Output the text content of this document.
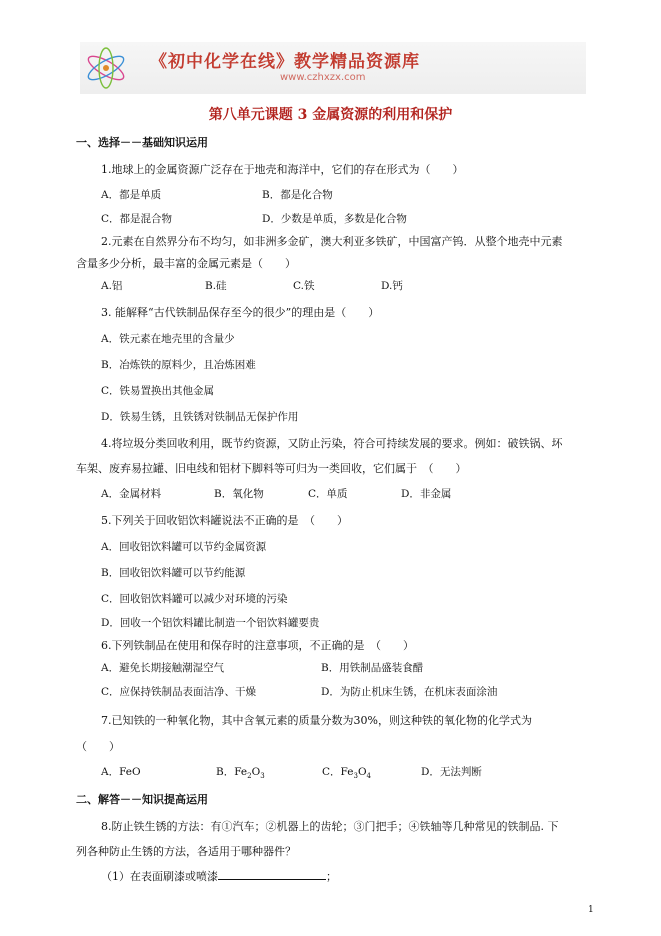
《初中化学在线》教学精品资源库
www.czhxzx.com
第八单元课题 3 金属资源的利用和保护
一、选择－－基础知识运用
1.地球上的金属资源广泛存在于地壳和海洋中，它们的存在形式为（　　）
A．都是单质	B．都是化合物
C．都是混合物	D．少数是单质，多数是化合物
2.元素在自然界分布不均匀，如非洲多金矿，澳大利亚多铁矿，中国富产钨．从整个地壳中元素
含量多少分析，最丰富的金属元素是（　　）
A.铝	B.硅	C.铁	D.钙
3. 能解释“古代铁制品保存至今的很少”的理由是（　　）
A．铁元素在地壳里的含量少
B．冶炼铁的原料少，且冶炼困难
C．铁易置换出其他金属
D．铁易生锈，且铁锈对铁制品无保护作用
4.将垃圾分类回收利用，既节约资源，又防止污染，符合可持续发展的要求。例如：破铁锅、坏
车架、废弃易拉罐、旧电线和铝材下脚料等可归为一类回收，它们属于　（　　）
A．金属材料	B．氧化物	C．单质	D．非金属
5.下列关于回收铝饮料罐说法不正确的是　（　　）
A．回收铝饮料罐可以节约金属资源
B．回收铝饮料罐可以节约能源
C．回收铝饮料罐可以减少对环境的污染
D．回收一个铝饮料罐比制造一个铝饮料罐要贵
6.下列铁制品在使用和保存时的注意事项，不正确的是　（　　）
A．避免长期接触潮湿空气	B．用铁制品盛装食醋
C．应保持铁制品表面洁净、干燥	D．为防止机床生锈，在机床表面涂油
7.已知铁的一种氧化物，其中含氧元素的质量分数为30%，则这种铁的氧化物的化学式为
（　　）
A．FeO	B．$Fe_2O_3$	C．$Fe_3O_4$	D．无法判断
二、解答－－知识提高运用
8.防止铁生锈的方法：有①汽车；②机器上的齿轮；③门把手；④铁轴等几种常见的铁制品. 下
列各种防止生锈的方法，各适用于哪种器件？
（1）在表面刷漆或喷漆	；
1
